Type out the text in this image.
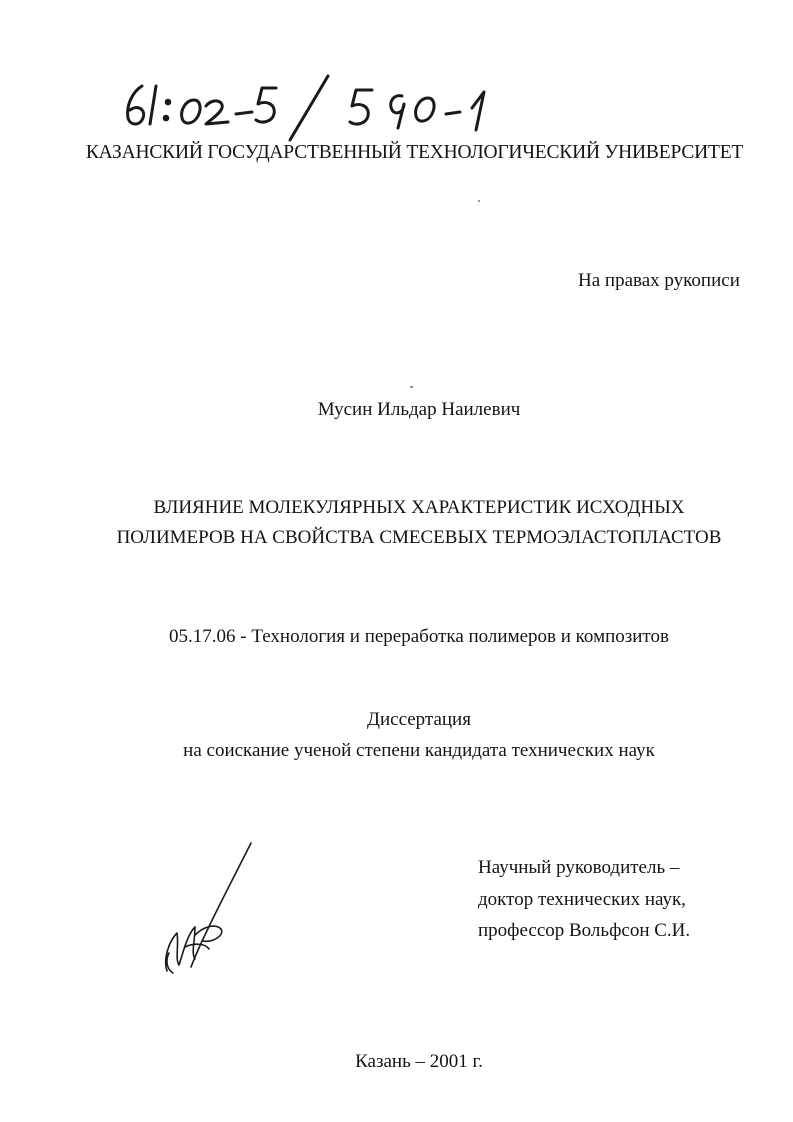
КАЗАНСКИЙ ГОСУДАРСТВЕННЫЙ ТЕХНОЛОГИЧЕСКИЙ УНИВЕРСИТЕТ
На правах рукописи
Мусин Ильдар Наилевич
ВЛИЯНИЕ МОЛЕКУЛЯРНЫХ ХАРАКТЕРИСТИК ИСХОДНЫХ
ПОЛИМЕРОВ НА СВОЙСТВА СМЕСЕВЫХ ТЕРМОЭЛАСТОПЛАСТОВ
05.17.06 - Технология и переработка полимеров и композитов
Диссертация
на соискание ученой степени кандидата технических наук
Научный руководитель –
доктор технических наук,
профессор Вольфсон С.И.
Казань – 2001 г.
